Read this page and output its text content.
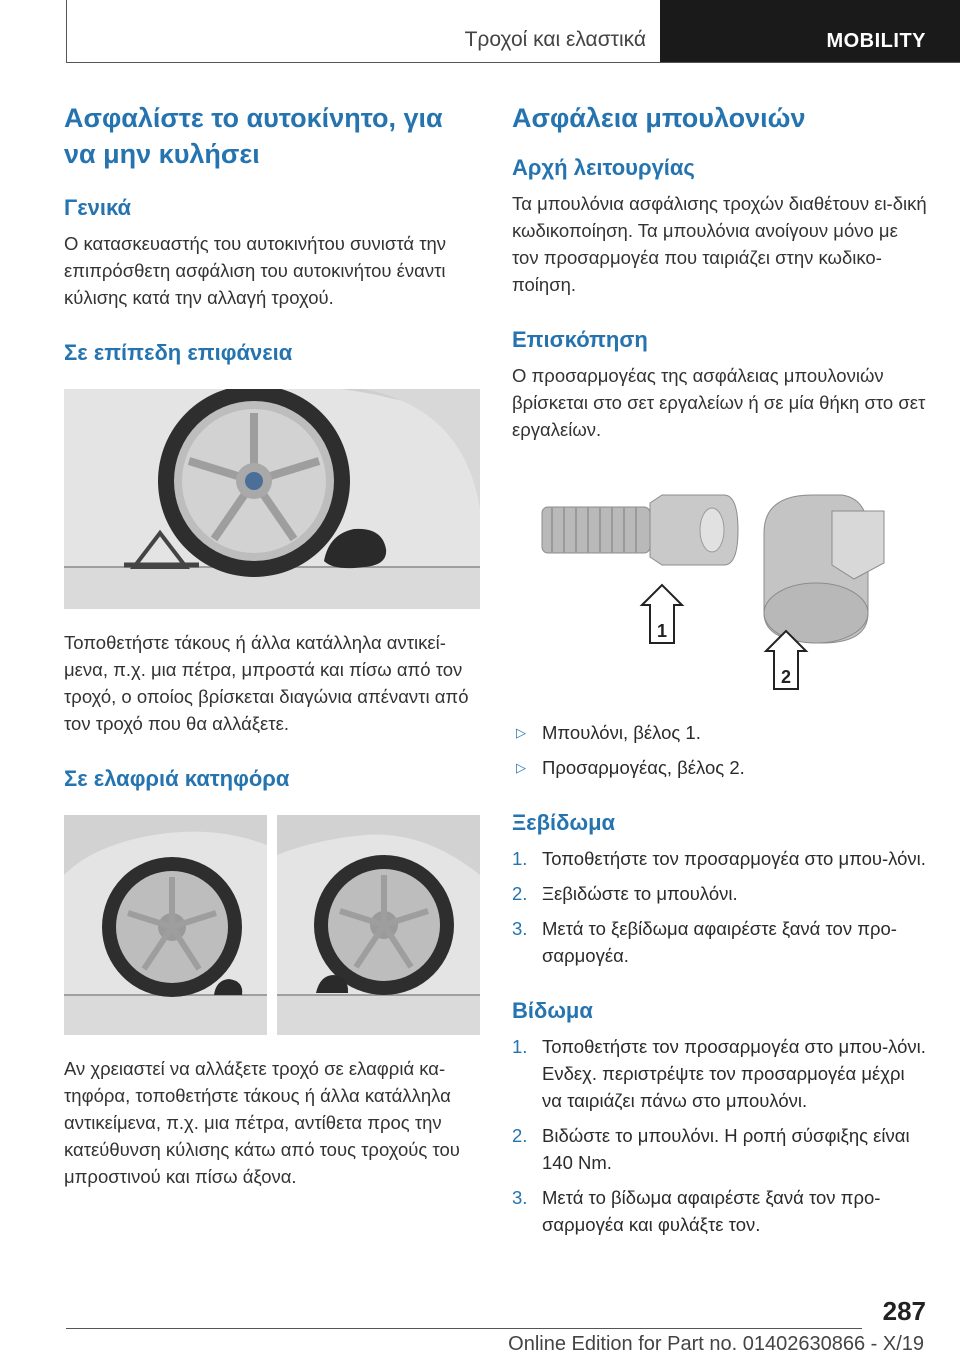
Τροχοί και ελαστικά	MOBILITY
Ασφαλίστε το αυτοκίνητο, για να μην κυλήσει
Γενικά

Ο κατασκευαστής του αυτοκινήτου συνιστά την επιπρόσθετη ασφάλιση του αυτοκινήτου έναντι κύλισης κατά την αλλαγή τροχού.

Σε επίπεδη επιφάνεια

Τοποθετήστε τάκους ή άλλα κατάλληλα αντικεί-μενα, π.χ. μια πέτρα, μπροστά και πίσω από τον τροχό, ο οποίος βρίσκεται διαγώνια απέναντι από τον τροχό που θα αλλάξετε.

Σε ελαφριά κατηφόρα

Αν χρειαστεί να αλλάξετε τροχό σε ελαφριά κα-τηφόρα, τοποθετήστε τάκους ή άλλα κατάλληλα αντικείμενα, π.χ. μια πέτρα, αντίθετα προς την κατεύθυνση κύλισης κάτω από τους τροχούς του μπροστινού και πίσω άξονα.

Ασφάλεια μπουλονιών
Αρχή λειτουργίας

Τα μπουλόνια ασφάλισης τροχών διαθέτουν ει-δική κωδικοποίηση. Τα μπουλόνια ανοίγουν μόνο με τον προσαρμογέα που ταιριάζει στην κωδικο-ποίηση.

Επισκόπηση

Ο προσαρμογέας της ασφάλειας μπουλονιών βρίσκεται στο σετ εργαλείων ή σε μία θήκη στο σετ εργαλείων.

1
2
▷ Μπουλόνι, βέλος 1.
▷ Προσαρμογέας, βέλος 2.
Ξεβίδωμα
1. Τοποθετήστε τον προσαρμογέα στο μπου-λόνι.
2. Ξεβιδώστε το μπουλόνι.
3. Μετά το ξεβίδωμα αφαιρέστε ξανά τον προ-σαρμογέα.
Βίδωμα
1. Τοποθετήστε τον προσαρμογέα στο μπου-λόνι. Ενδεχ. περιστρέψτε τον προσαρμογέα μέχρι να ταιριάζει πάνω στο μπουλόνι.
2. Βιδώστε το μπουλόνι. Η ροπή σύσφιξης είναι 140 Nm.
3. Μετά το βίδωμα αφαιρέστε ξανά τον προ-σαρμογέα και φυλάξτε τον.
287
Online Edition for Part no. 01402630866 - X/19
